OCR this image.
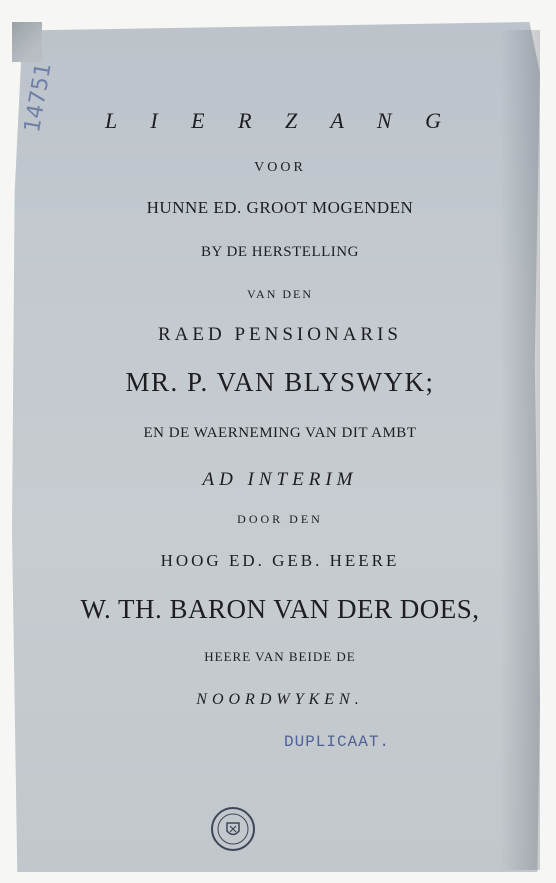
14751	L I E R Z A N G
VOOR
HUNNE ED. GROOT MOGENDEN
BY DE HERSTELLING
VAN DEN
RAED PENSIONARIS
MR. P. VAN BLYSWYK;
EN DE WAERNEMING VAN DIT AMBT
AD INTERIM
DOOR DEN
HOOG ED. GEB. HEERE
W. TH. BARON VAN DER DOES,
HEERE VAN BEIDE DE
NOORDWYKEN.
DUPLICAAT.
